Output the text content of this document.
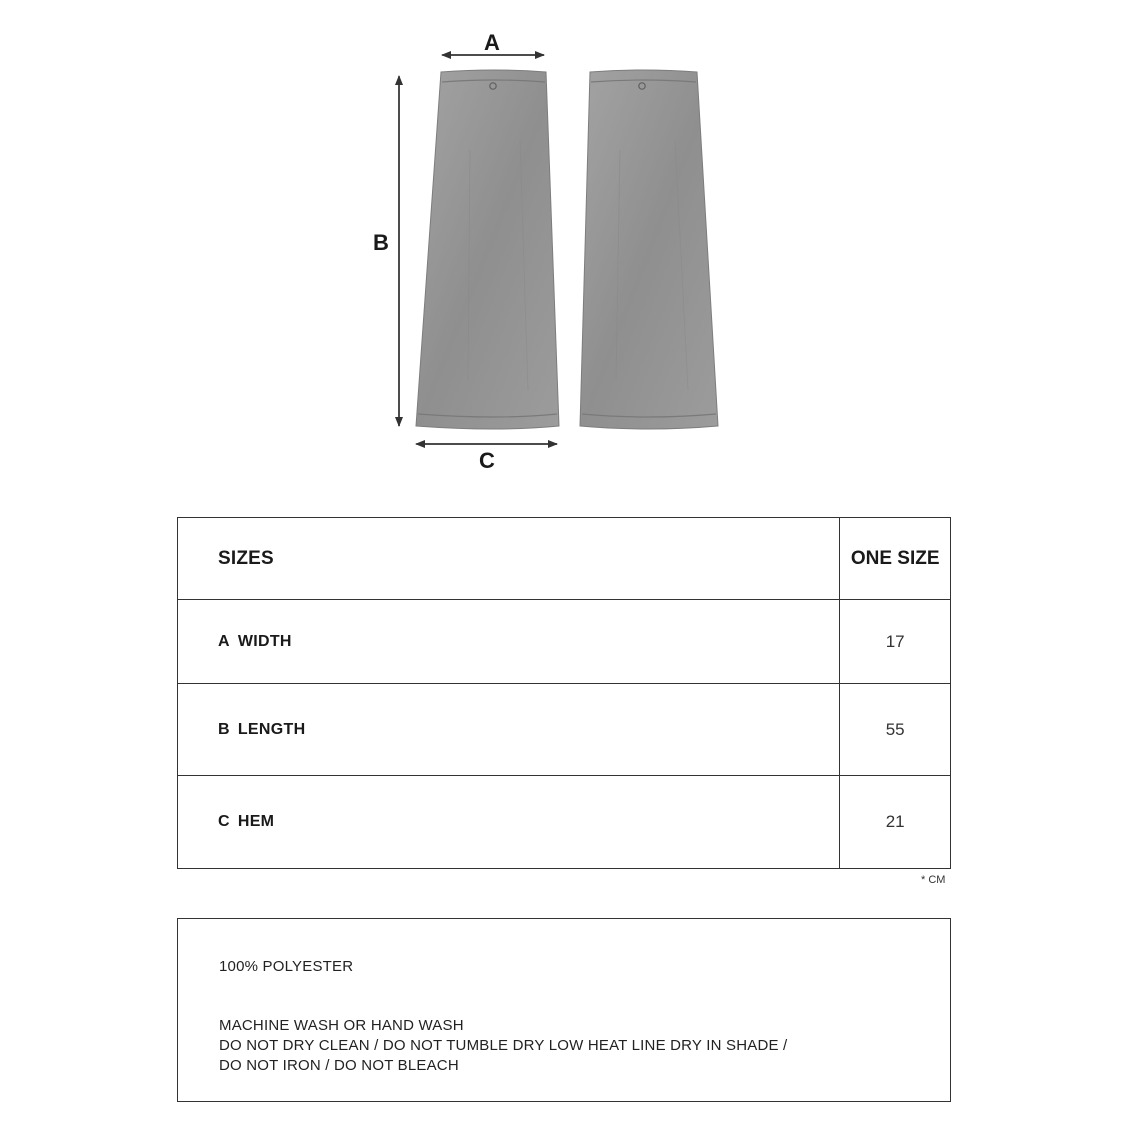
A
B
C
SIZES	ONE SIZE
A WIDTH	17
B LENGTH	55
C HEM	21
* CM
100% POLYESTER
MACHINE WASH OR HAND WASH
DO NOT DRY CLEAN / DO NOT TUMBLE DRY LOW HEAT LINE DRY IN SHADE /
DO NOT IRON / DO NOT BLEACH
